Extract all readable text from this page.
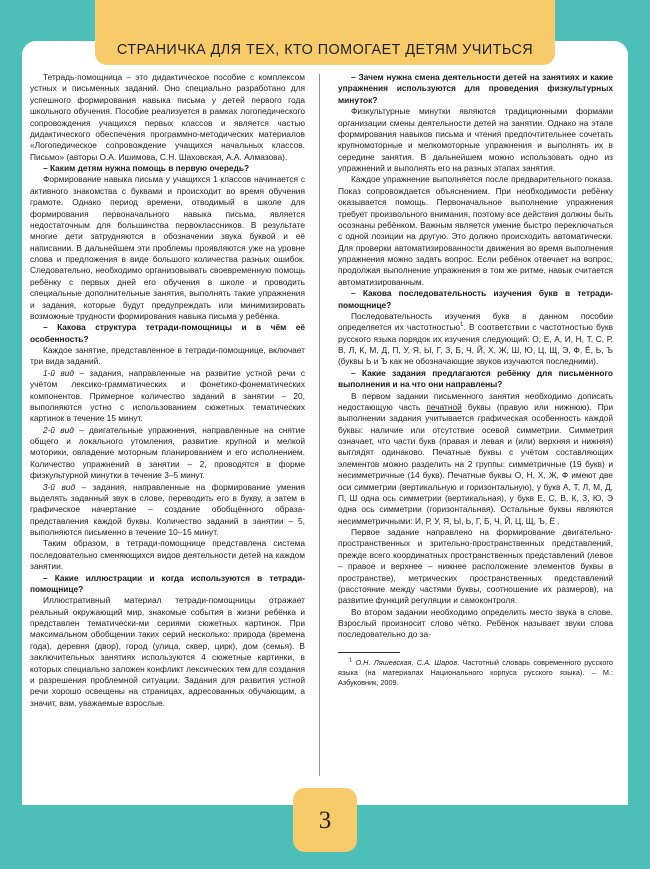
СТРАНИЧКА ДЛЯ ТЕХ, КТО ПОМОГАЕТ ДЕТЯМ УЧИТЬСЯ

Тетрадь-помощница – это дидактическое пособие с комплексом устных и письменных заданий. Оно специально разработано для успешного формирования навыка письма у детей первого года школьного обучения. Пособие реализуется в рамках логопедического сопровождения учащихся первых классов и является частью дидактического обеспечения программно-методических материалов «Логопедическое сопровождение учащихся начальных классов. Письмо» (авторы О.А. Ишимова, С.Н. Шаховская, А.А. Алмазова).

– Каким детям нужна помощь в первую очередь?

Формирование навыка письма у учащихся 1 классов начинается с активного знакомства с буквами и происходит во время обучения грамоте. Однако период времени, отводимый в школе для формирования первоначального навыка письма, является недостаточным для большинства первоклассников. В результате многие дети затрудняются в обозначении звука буквой и её написании. В дальнейшем эти проблемы проявляются уже на уровне слова и предложения в виде большого количества разных ошибок. Следовательно, необходимо организовывать своевременную помощь ребёнку с первых дней его обучения в школе и проводить специальные дополнительные занятия, выполнять такие упражнения и задания, которые будут предупреждать или минимизировать возможные трудности формирования навыка письма у ребёнка.

– Какова структура тетради-помощницы и в чём её особенность?

Каждое занятие, представленное в тетради-помощнице, включает три вида заданий.

1-й вид – задания, направленные на развитие устной речи с учётом лексико-грамматических и фонетико-фонематических компонентов. Примерное количество заданий в занятии – 20, выполняются устно с использованием сюжетных тематических картинок в течение 15 минут.

2-й вид – двигательные упражнения, направленные на снятие общего и локального утомления, развитие крупной и мелкой моторики, овладение моторным планированием и его исполнением. Количество упражнений в занятии – 2, проводятся в форме физкультурной минутки в течение 3–5 минут.

3-й вид – задания, направленные на формирование умения выделять заданный звук в слове, переводить его в букву, а затем в графическое начертание – создание обобщённого образа-представления каждой буквы. Количество заданий в занятии – 5, выполняются письменно в течение 10–15 минут.

Таким образом, в тетради-помощнице представлена система последовательно сменяющихся видов деятельности детей на каждом занятии.

– Какие иллюстрации и когда используются в тетради-помощнице?

Иллюстративный материал тетради-помощницы отражает реальный окружающий мир, знакомые события в жизни ребёнка и представлен тематически-ми сериями сюжетных картинок. При максимальном обобщении таких серий несколько: природа (времена года), деревня (двор), город (улица, сквер, цирк), дом (семья). В заключительных занятиях используются 4 сюжетные картинки, в которых специально заложен конфликт лексических тем для создания и разрешения проблемной ситуации. Задания для развития устной речи хорошо освещены на страницах, адресованных обучающим, а значит, вам, уважаемые взрослые.

– Зачем нужна смена деятельности детей на занятиях и какие упражнения используются для проведения физкультурных минуток?

Физкультурные минутки являются традиционными формами организации смены деятельности детей на занятии. Однако на этапе формирования навыков письма и чтения предпочтительнее сочетать крупномоторные и мелкомоторные упражнения и выполнять их в середине занятия. В дальнейшем можно использовать одно из упражнений и выполнять его на разных этапах занятия.

Каждое упражнение выполняется после предварительного показа. Показ сопровождается объяснением. При необходимости ребёнку оказывается помощь. Первоначальное выполнение упражнения требует произвольного внимания, поэтому все действия должны быть осознаны ребёнком. Важным является умение быстро переключаться с одной позиции на другую. Это должно происходить автоматически. Для проверки автоматизированности движения во время выполнения упражнения можно задать вопрос. Если ребёнок отвечает на вопрос, продолжая выполнение упражнения в том же ритме, навык считается автоматизированным.

– Какова последовательность изучения букв в тетради-помощнице?

Последовательность изучения букв в данном пособии определяется их частотностью$^1$. В соответствии с частотностью букв русского языка порядок их изучения следующий: О, Е, А, И, Н, Т, С, Р, В, Л, К, М, Д, П, У, Я, Ы, Г, З, Б, Ч, Й, Х, Ж, Ш, Ю, Ц, Щ, Э, Ф, Ё, Ь, Ъ (буквы Ь и Ъ как не обозначающие звуков изучаются последними).

– Какие задания предлагаются ребёнку для письменного выполнения и на что они направлены?

В первом задании письменного занятия необходимо дописать недостающую часть печатной буквы (правую или нижнюю). При выполнении задания учитывается графическая особенность каждой буквы: наличие или отсутствие осевой симметрии. Симметрия означает, что части букв (правая и левая и (или) верхняя и нижняя) выглядят одинаково. Печатные буквы с учётом составляющих элементов можно разделить на 2 группы: симметричные (19 букв) и несимметричные (14 букв). Печатные буквы О, Н, Х, Ж, Ф имеют две оси симметрии (вертикальную и горизонтальную), у букв А, Т, Л, М, Д, П, Ш одна ось симметрии (вертикальная), у букв Е, С, В, К, З, Ю, Э одна ось симметрии (горизонтальная). Остальные буквы являются несимметричными: И, Р, У, Я, Ы, Ь, Г, Б, Ч, Й, Ц, Щ, Ъ, Ё .

Первое задание направлено на формирование двигательно-пространственных и зрительно-пространственных представлений, прежде всего координатных пространственных представлений (левое – правое и верхнее – нижнее расположение элементов буквы в пространстве), метрических пространственных представлений (расстояние между частями буквы, соотношение их размеров), на развитие функций регуляции и самоконтроля.

Во втором задании необходимо определить место звука в слове. Взрослый произносит слово чётко. Ребёнок называет звуки слова последовательно до за-

$^1$ О.Н. Ляшевская, С.А. Шаров. Частотный словарь современного русского языка (на материалах Национального корпуса русского языка). – М.: Азбуковник, 2009.
3
